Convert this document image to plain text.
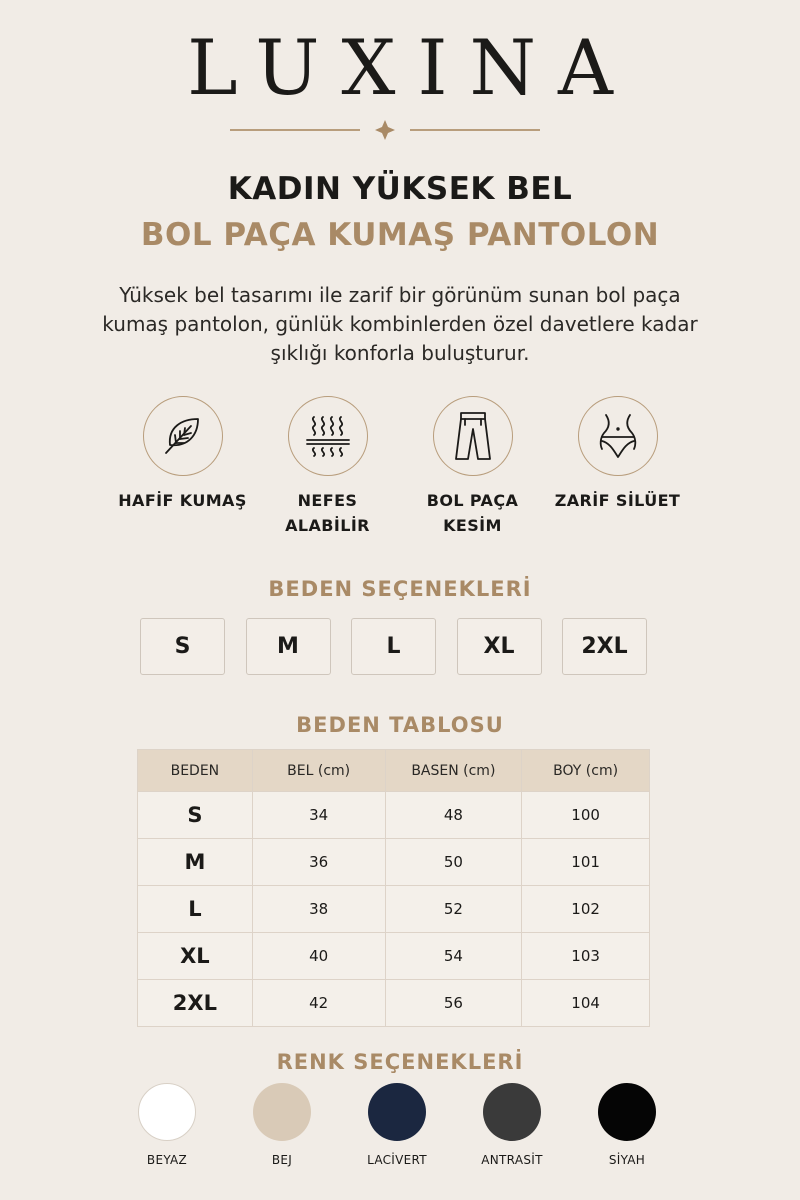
LUXINA
KADIN YÜKSEK BEL
BOL PAÇA KUMAŞ PANTOLON

Yüksek bel tasarımı ile zarif bir görünüm sunan bol paça kumaş pantolon, günlük kombinlerden özel davetlere kadar şıklığı konforla buluşturur.

HAFİF KUMAŞ	NEFES ALABİLİR
BOL PAÇA KESİM
ZARİF SİLÜET
BEDEN SEÇENEKLERİ
S	M	L	XL	2XL
BEDEN TABLOSU
BEDEN	BEL (cm)	BASEN (cm)	BOY (cm)
S	34	48	100
M	36	50	101
L	38	52	102
XL	40	54	103
2XL	42	56	104
RENK SEÇENEKLERİ
BEYAZ	BEJ	LACİVERT	ANTRASİT	SİYAH
